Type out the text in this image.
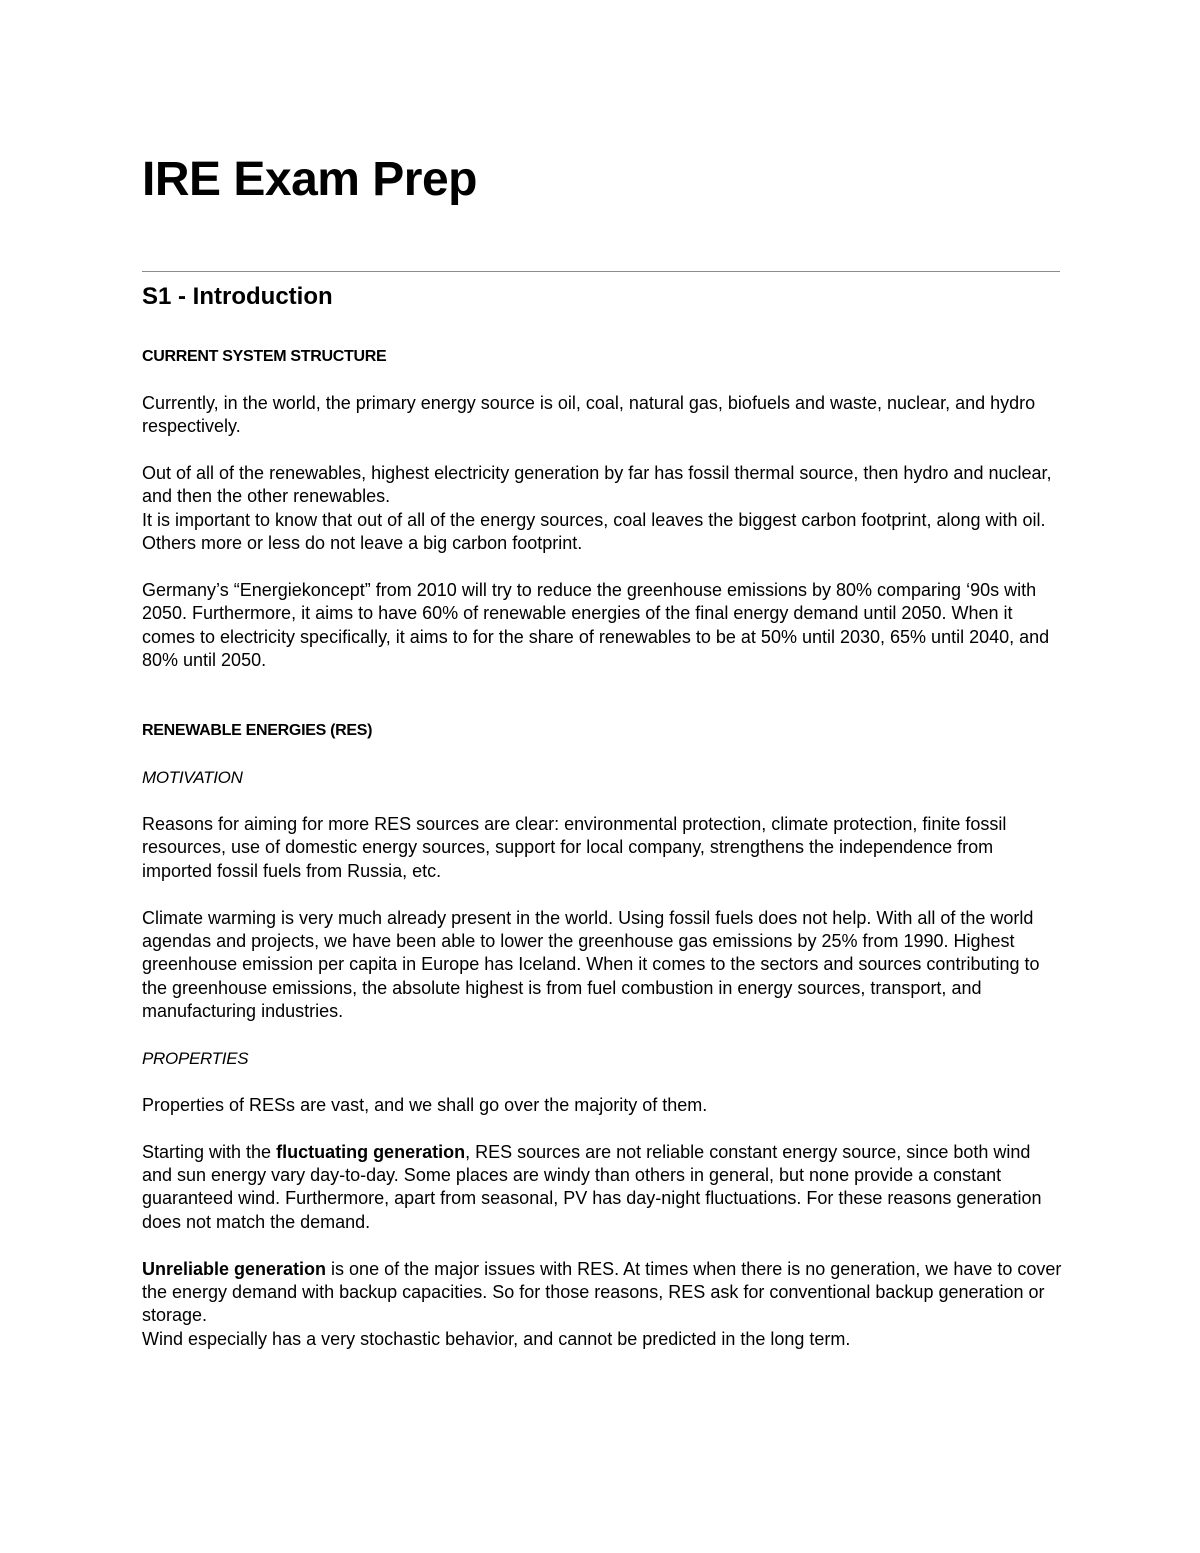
IRE Exam Prep
S1 - Introduction

CURRENT SYSTEM STRUCTURE

Currently, in the world, the primary energy source is oil, coal, natural gas, biofuels and waste, nuclear, and hydro respectively.

Out of all of the renewables, highest electricity generation by far has fossil thermal source, then hydro and nuclear, and then the other renewables.

It is important to know that out of all of the energy sources, coal leaves the biggest carbon footprint, along with oil. Others more or less do not leave a big carbon footprint.

Germany’s “Energiekoncept” from 2010 will try to reduce the greenhouse emissions by 80% comparing ‘90s with 2050. Furthermore, it aims to have 60% of renewable energies of the final energy demand until 2050. When it comes to electricity specifically, it aims to for the share of renewables to be at 50% until 2030, 65% until 2040, and 80% until 2050.

RENEWABLE ENERGIES (RES)

MOTIVATION

Reasons for aiming for more RES sources are clear: environmental protection, climate protection, finite fossil resources, use of domestic energy sources, support for local company, strengthens the independence from imported fossil fuels from Russia, etc.

Climate warming is very much already present in the world. Using fossil fuels does not help. With all of the world agendas and projects, we have been able to lower the greenhouse gas emissions by 25% from 1990. Highest greenhouse emission per capita in Europe has Iceland. When it comes to the sectors and sources contributing to the greenhouse emissions, the absolute highest is from fuel combustion in energy sources, transport, and manufacturing industries.

PROPERTIES

Properties of RESs are vast, and we shall go over the majority of them.

Starting with the fluctuating generation, RES sources are not reliable constant energy source, since both wind and sun energy vary day-to-day. Some places are windy than others in general, but none provide a constant guaranteed wind. Furthermore, apart from seasonal, PV has day-night fluctuations. For these reasons generation does not match the demand.

Unreliable generation is one of the major issues with RES. At times when there is no generation, we have to cover the energy demand with backup capacities. So for those reasons, RES ask for conventional backup generation or storage.

Wind especially has a very stochastic behavior, and cannot be predicted in the long term.
